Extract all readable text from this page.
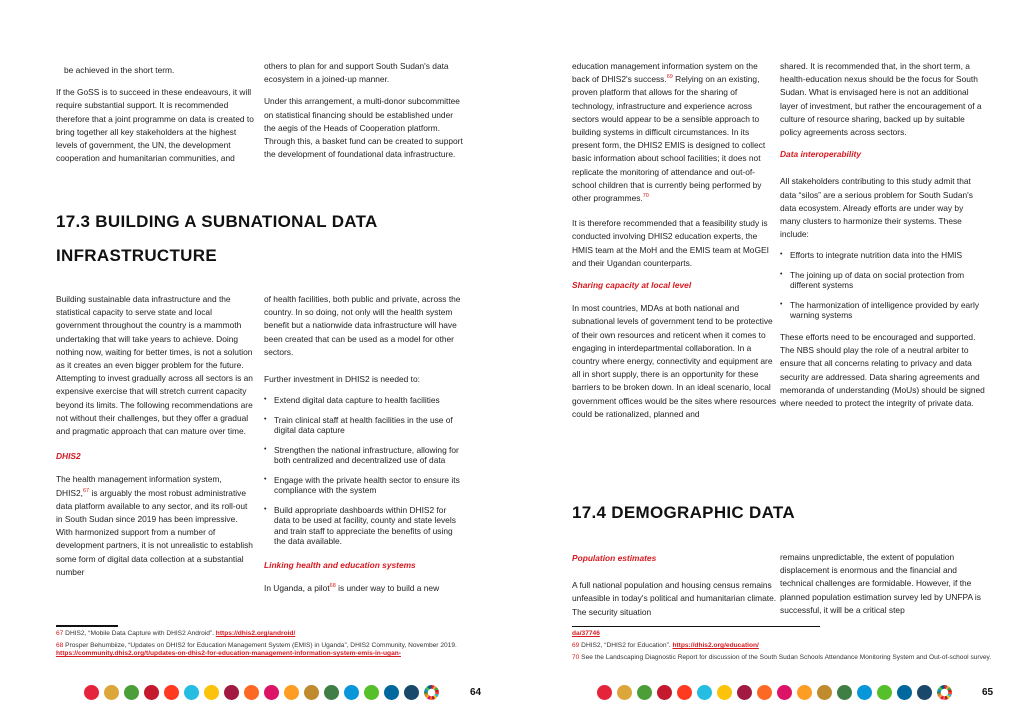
be achieved in the short term.

If the GoSS is to succeed in these endeavours, it will require substantial support. It is recommended therefore that a joint programme on data is created to bring together all key stakeholders at the highest levels of government, the UN, the development cooperation and humanitarian communities, and

others to plan for and support South Sudan's data ecosystem in a joined-up manner.

Under this arrangement, a multi-donor subcommittee on statistical financing should be established under the aegis of the Heads of Cooperation platform. Through this, a basket fund can be created to support the development of foundational data infrastructure.

17.3 BUILDING A SUBNATIONAL DATA INFRASTRUCTURE

Building sustainable data infrastructure and the statistical capacity to serve state and local government throughout the country is a mammoth undertaking that will take years to achieve. Doing nothing now, waiting for better times, is not a solution as it creates an even bigger problem for the future. Attempting to invest gradually across all sectors is an expensive exercise that will stretch current capacity beyond its limits. The following recommendations are not without their challenges, but they offer a gradual and pragmatic approach that can mature over time.

DHIS2

The health management information system, DHIS2,67 is arguably the most robust administrative data platform available to any sector, and its roll-out in South Sudan since 2019 has been impressive. With harmonized support from a number of development partners, it is not unrealistic to establish some form of digital data collection at a substantial number

of health facilities, both public and private, across the country. In so doing, not only will the health system benefit but a nationwide data infrastructure will have been created that can be used as a model for other sectors.

Further investment in DHIS2 is needed to:

• Extend digital data capture to health facilities
• Train clinical staff at health facilities in the use of digital data capture
• Strengthen the national infrastructure, allowing for both centralized and decentralized use of data
• Engage with the private health sector to ensure its compliance with the system
• Build appropriate dashboards within DHIS2 for data to be used at facility, county and state levels and train staff to appreciate the benefits of using the data available.
Linking health and education systems

In Uganda, a pilot$^{68}$ is under way to build a new

67 DHIS2, “Mobile Data Capture with DHIS2 Android”. https://dhis2.org/android/

68 Prosper Behumbiize, “Updates on DHIS2 for Education Management System (EMIS) in Uganda”, DHIS2 Community, November 2019. https://community.dhis2.org/t/updates-on-dhis2-for-education-management-information-system-emis-in-ugan-

64

education management information system on the back of DHIS2's success.$^{69}$ Relying on an existing, proven platform that allows for the sharing of technology, infrastructure and experience across sectors would appear to be a sensible approach to building systems in difficult circumstances. In its present form, the DHIS2 EMIS is designed to collect basic information about school facilities; it does not replicate the monitoring of attendance and out-of-school children that is currently being performed by other programmes.$^{70}$

It is therefore recommended that a feasibility study is conducted involving DHIS2 education experts, the HMIS team at the MoH and the EMIS team at MoGEI and their Ugandan counterparts.

Sharing capacity at local level

In most countries, MDAs at both national and subnational levels of government tend to be protective of their own resources and reticent when it comes to engaging in interdepartmental collaboration. In a country where energy, connectivity and equipment are all in short supply, there is an opportunity for these barriers to be broken down. In an ideal scenario, local government offices would be the sites where resources could be rationalized, planned and

shared. It is recommended that, in the short term, a health-education nexus should be the focus for South Sudan. What is envisaged here is not an additional layer of investment, but rather the encouragement of a culture of resource sharing, backed up by suitable policy agreements across sectors.

Data interoperability

All stakeholders contributing to this study admit that data “silos” are a serious problem for South Sudan's data ecosystem. Already efforts are under way by many clusters to harmonize their systems. These include:

• Efforts to integrate nutrition data into the HMIS
• The joining up of data on social protection from different systems
• The harmonization of intelligence provided by early warning systems

These efforts need to be encouraged and supported. The NBS should play the role of a neutral arbiter to ensure that all concerns relating to privacy and data security are addressed. Data sharing agreements and memoranda of understanding (MoUs) should be signed where needed to protect the integrity of private data.

17.4 DEMOGRAPHIC DATA
Population estimates

A full national population and housing census remains unfeasible in today's political and humanitarian climate. The security situation

remains unpredictable, the extent of population displacement is enormous and the financial and technical challenges are formidable. However, if the planned population estimation survey led by UNFPA is successful, it will be a critical step

da/37746

69 DHIS2, “DHIS2 for Education”. https://dhis2.org/education/

70 See the Landscaping Diagnostic Report for discussion of the South Sudan Schools Attendance Monitoring System and Out-of-school survey.

65
